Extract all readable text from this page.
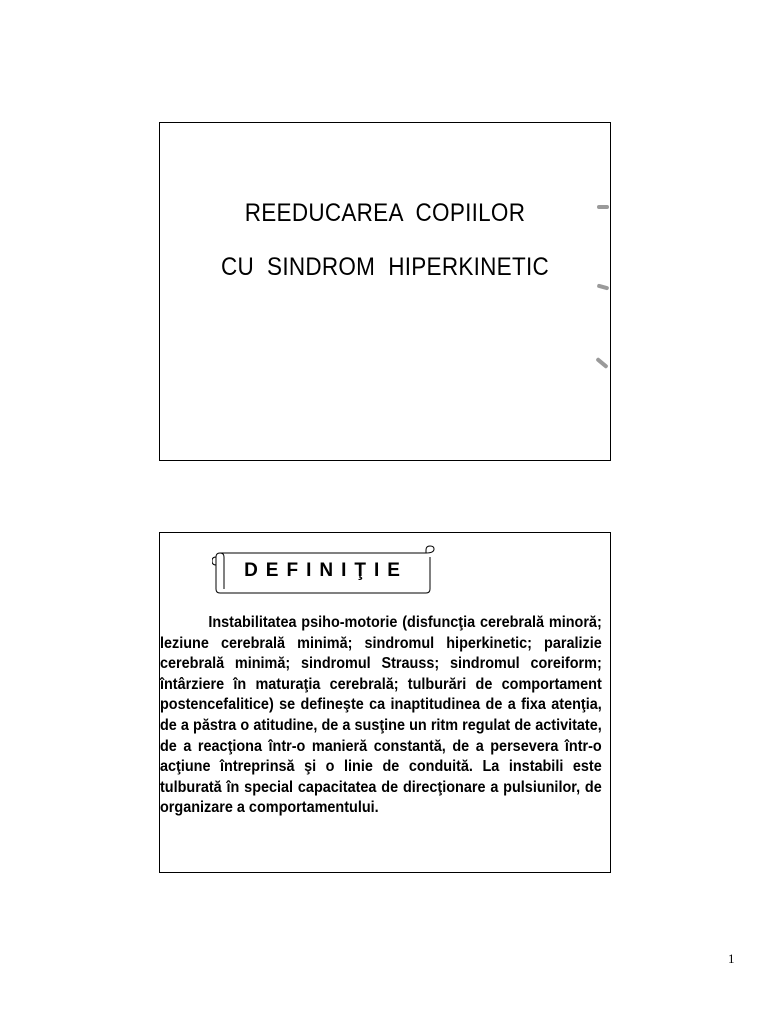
REEDUCAREA  COPIILOR
CU  SINDROM  HIPERKINETIC
DEFINIŢIE
Instabilitatea psiho-motorie (disfuncţia cerebrală minoră; leziune cerebrală minimă; sindromul hiperkinetic; paralizie cerebrală minimă; sindromul Strauss; sindromul coreiform; întârziere în maturaţia cerebrală; tulburări de comportament postencefalitice) se defineşte ca inaptitudinea de a fixa atenţia, de a păstra o atitudine, de a susţine un ritm regulat de activitate, de a reacţiona într-o manieră constantă, de a persevera într-o acţiune întreprinsă şi o linie de conduită. La instabili este tulburată în special capacitatea de direcţionare a pulsiunilor, de organizare a comportamentului.
1
